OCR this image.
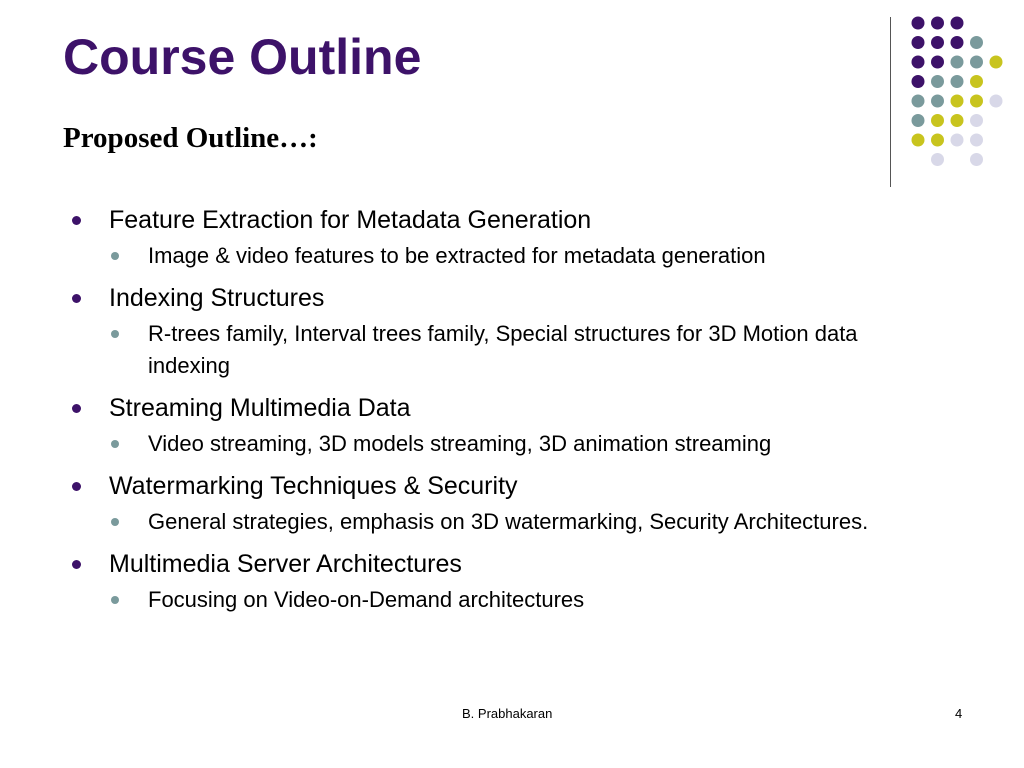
Course Outline
Proposed Outline…:
Feature Extraction for Metadata Generation
Image & video features to be extracted for metadata generation
Indexing Structures
R-trees family, Interval trees family, Special structures for 3D Motion data indexing
Streaming Multimedia Data
Video streaming, 3D models streaming, 3D animation streaming
Watermarking Techniques & Security
General strategies, emphasis on 3D watermarking, Security Architectures.
Multimedia Server Architectures
Focusing on Video-on-Demand architectures
B. Prabhakaran	4
